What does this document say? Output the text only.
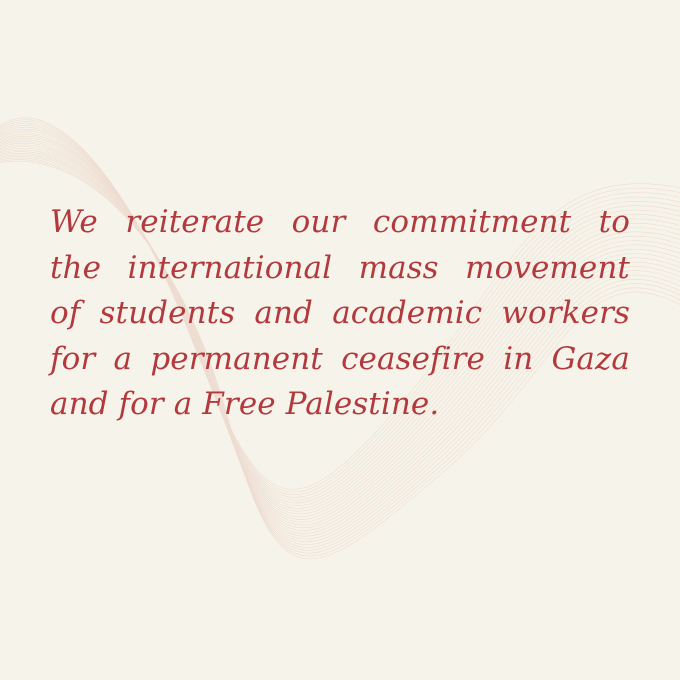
We reiterate our commitment to
the international mass movement
of students and academic workers
for a permanent ceasefire in Gaza
and for a Free Palestine.
